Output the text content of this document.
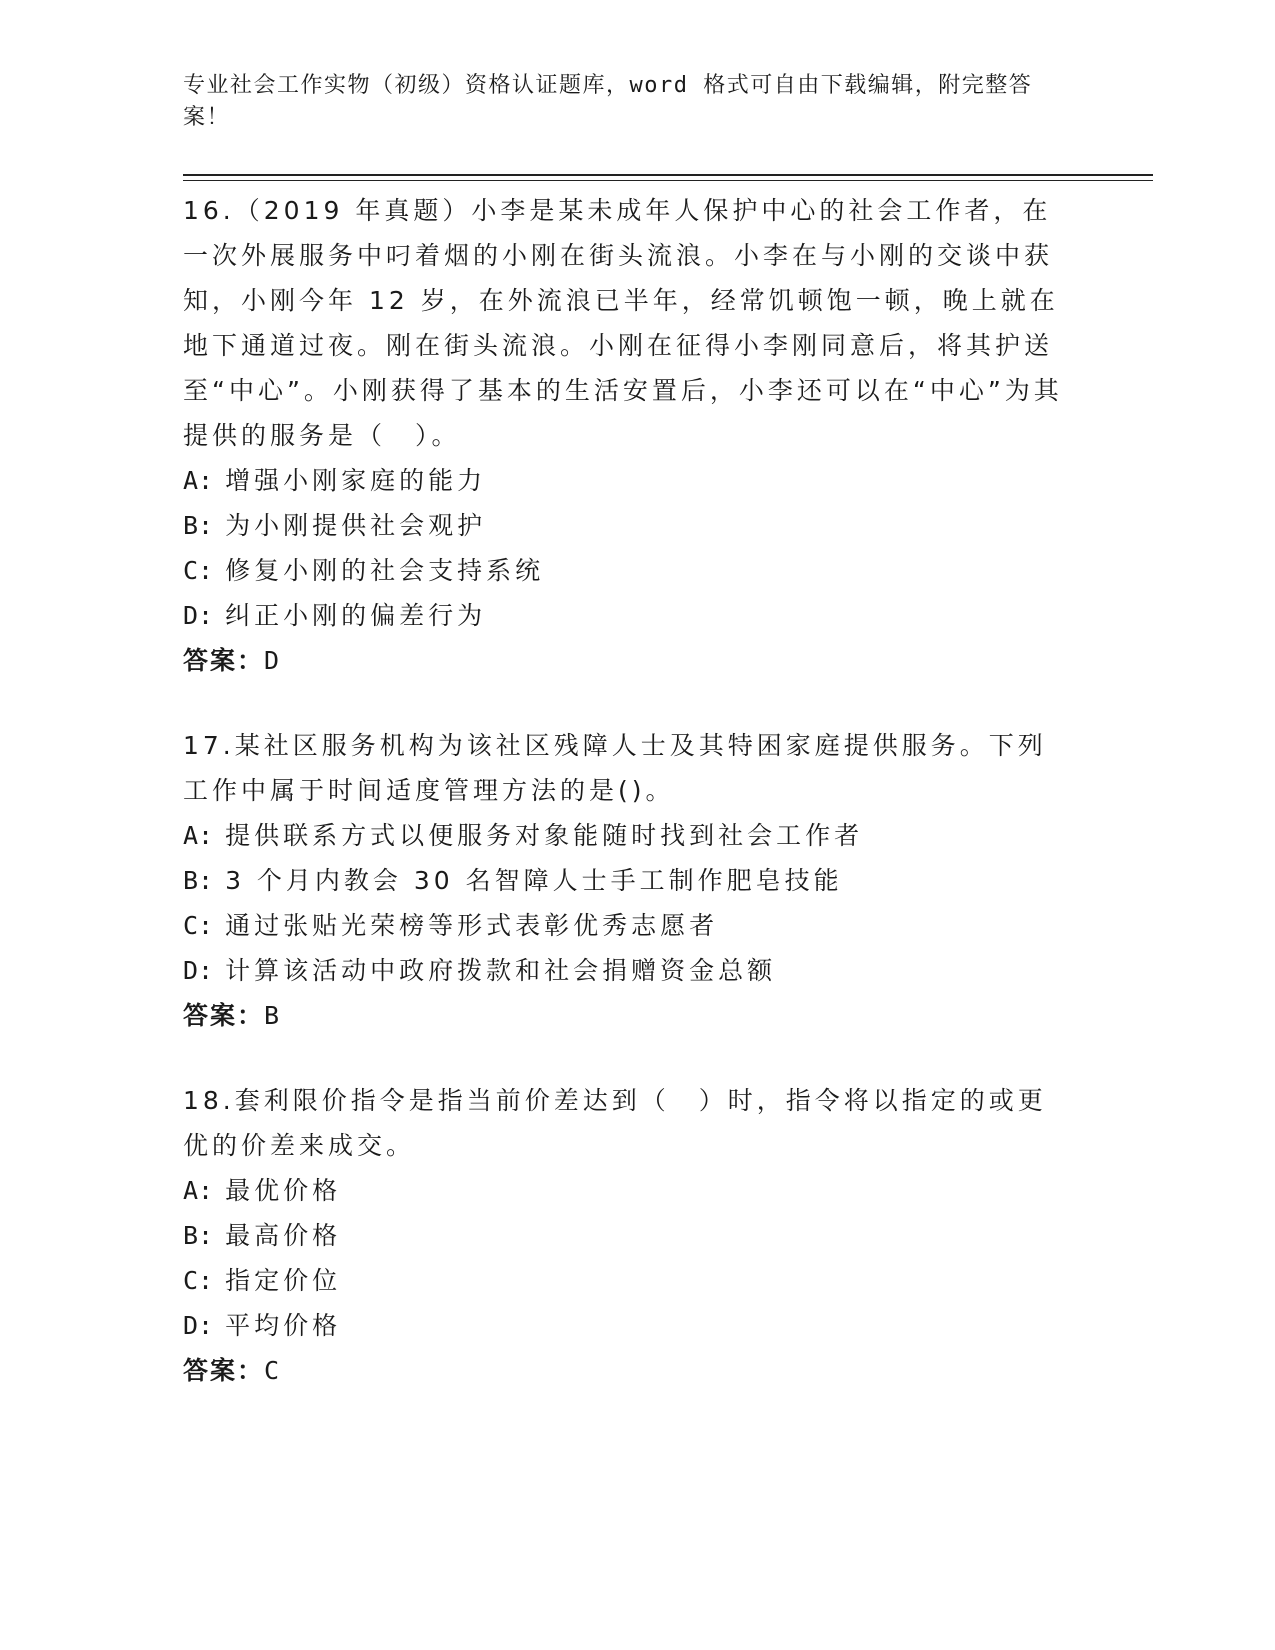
专业社会工作实物（初级）资格认证题库，word 格式可自由下载编辑，附完整答案！

16.（2019 年真题）小李是某未成年人保护中心的社会工作者，在一次外展服务中叼着烟的小刚在街头流浪。小李在与小刚的交谈中获知，小刚今年 12 岁，在外流浪已半年，经常饥顿饱一顿，晚上就在地下通道过夜。刚在街头流浪。小刚在征得小李刚同意后，将其护送至“中心”。小刚获得了基本的生活安置后，小李还可以在“中心”为其提供的服务是（　）。

A: 增强小刚家庭的能力

B: 为小刚提供社会观护

C: 修复小刚的社会支持系统

D: 纠正小刚的偏差行为

答案：D

17.某社区服务机构为该社区残障人士及其特困家庭提供服务。下列工作中属于时间适度管理方法的是()。

A: 提供联系方式以便服务对象能随时找到社会工作者

B: 3 个月内教会 30 名智障人士手工制作肥皂技能

C: 通过张贴光荣榜等形式表彰优秀志愿者

D: 计算该活动中政府拨款和社会捐赠资金总额

答案：B

18.套利限价指令是指当前价差达到（　）时，指令将以指定的或更优的价差来成交。

A: 最优价格

B: 最高价格

C: 指定价位

D: 平均价格

答案：C
